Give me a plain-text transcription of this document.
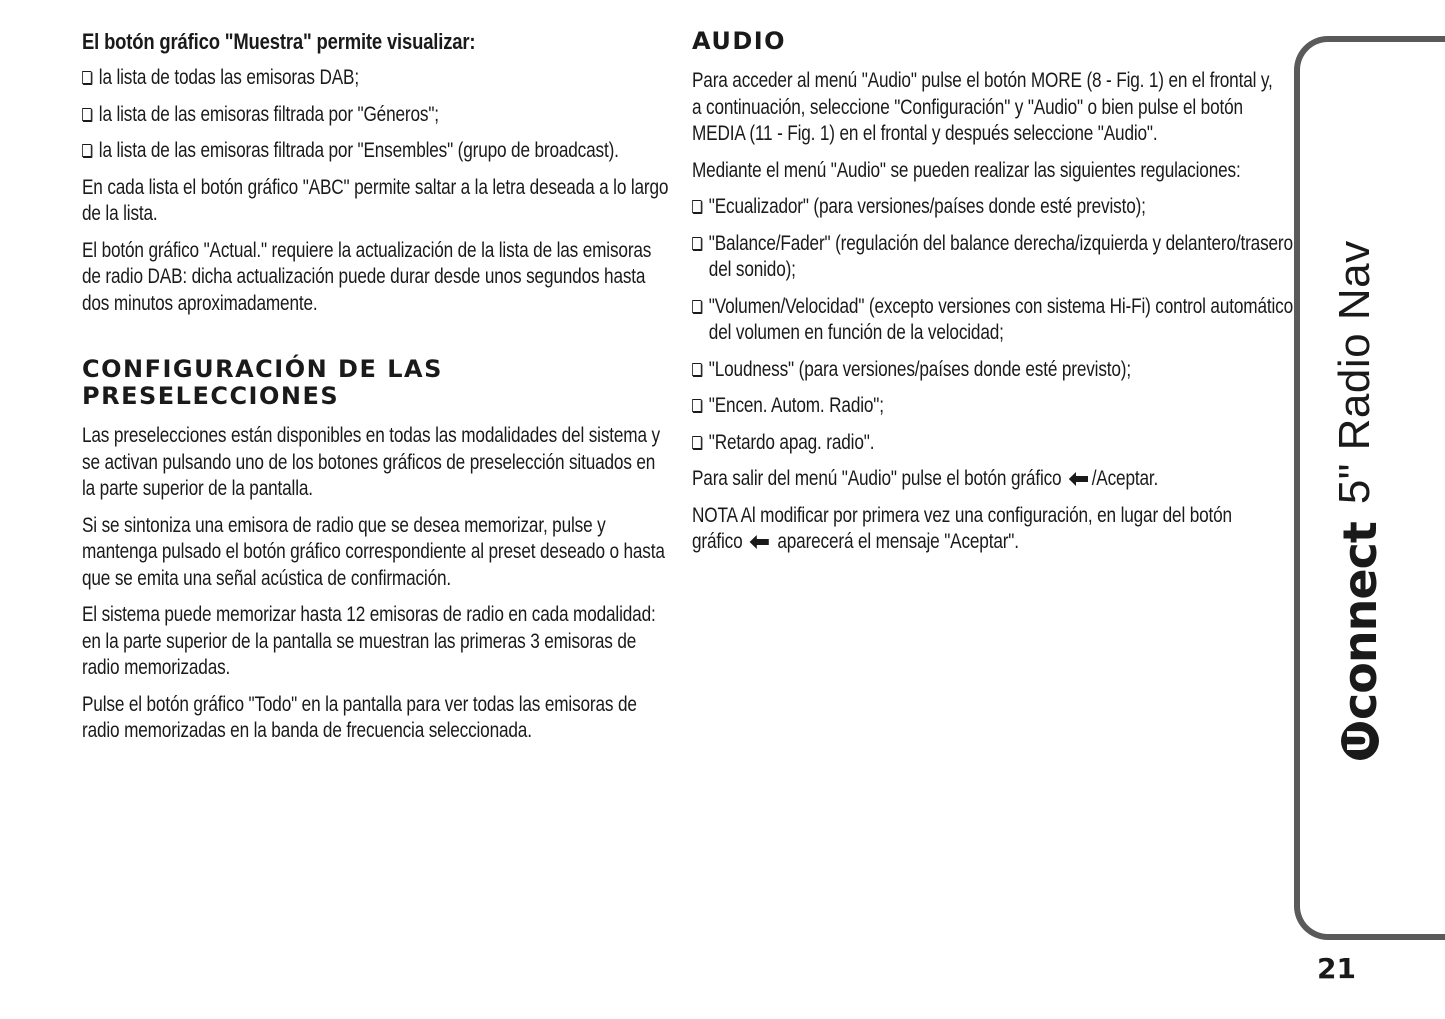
El botón gráfico "Muestra" permite visualizar:
la lista de todas las emisoras DAB;
la lista de las emisoras filtrada por "Géneros";
la lista de las emisoras filtrada por "Ensembles" (grupo de broadcast).
En cada lista el botón gráfico "ABC" permite saltar a la letra deseada a lo largo de la lista.
El botón gráfico "Actual." requiere la actualización de la lista de las emisoras de radio DAB: dicha actualización puede durar desde unos segundos hasta dos minutos aproximadamente.
CONFIGURACIÓN DE LAS
PRESELECCIONES
Las preselecciones están disponibles en todas las modalidades del sistema y se activan pulsando uno de los botones gráficos de preselección situados en la parte superior de la pantalla.
Si se sintoniza una emisora de radio que se desea memorizar, pulse y mantenga pulsado el botón gráfico correspondiente al preset deseado o hasta que se emita una señal acústica de confirmación.
El sistema puede memorizar hasta 12 emisoras de radio en cada modalidad: en la parte superior de la pantalla se muestran las primeras 3 emisoras de radio memorizadas.
Pulse el botón gráfico "Todo" en la pantalla para ver todas las emisoras de radio memorizadas en la banda de frecuencia seleccionada.
AUDIO
Para acceder al menú "Audio" pulse el botón MORE (8 - Fig. 1) en el frontal y, a continuación, seleccione "Configuración" y "Audio" o bien pulse el botón MEDIA (11 - Fig. 1) en el frontal y después seleccione "Audio".
Mediante el menú "Audio" se pueden realizar las siguientes regulaciones:
"Ecualizador" (para versiones/países donde esté previsto);
"Balance/Fader" (regulación del balance derecha/izquierda y delantero/trasero del sonido);
"Volumen/Velocidad" (excepto versiones con sistema Hi-Fi) control automático del volumen en función de la velocidad;
"Loudness" (para versiones/países donde esté previsto);
"Encen. Autom. Radio";
"Retardo apag. radio".
Para salir del menú "Audio" pulse el botón gráfico /Aceptar.
NOTA Al modificar por primera vez una configuración, en lugar del botón gráfico aparecerá el mensaje "Aceptar".
U
connect
5" Radio Nav
21
